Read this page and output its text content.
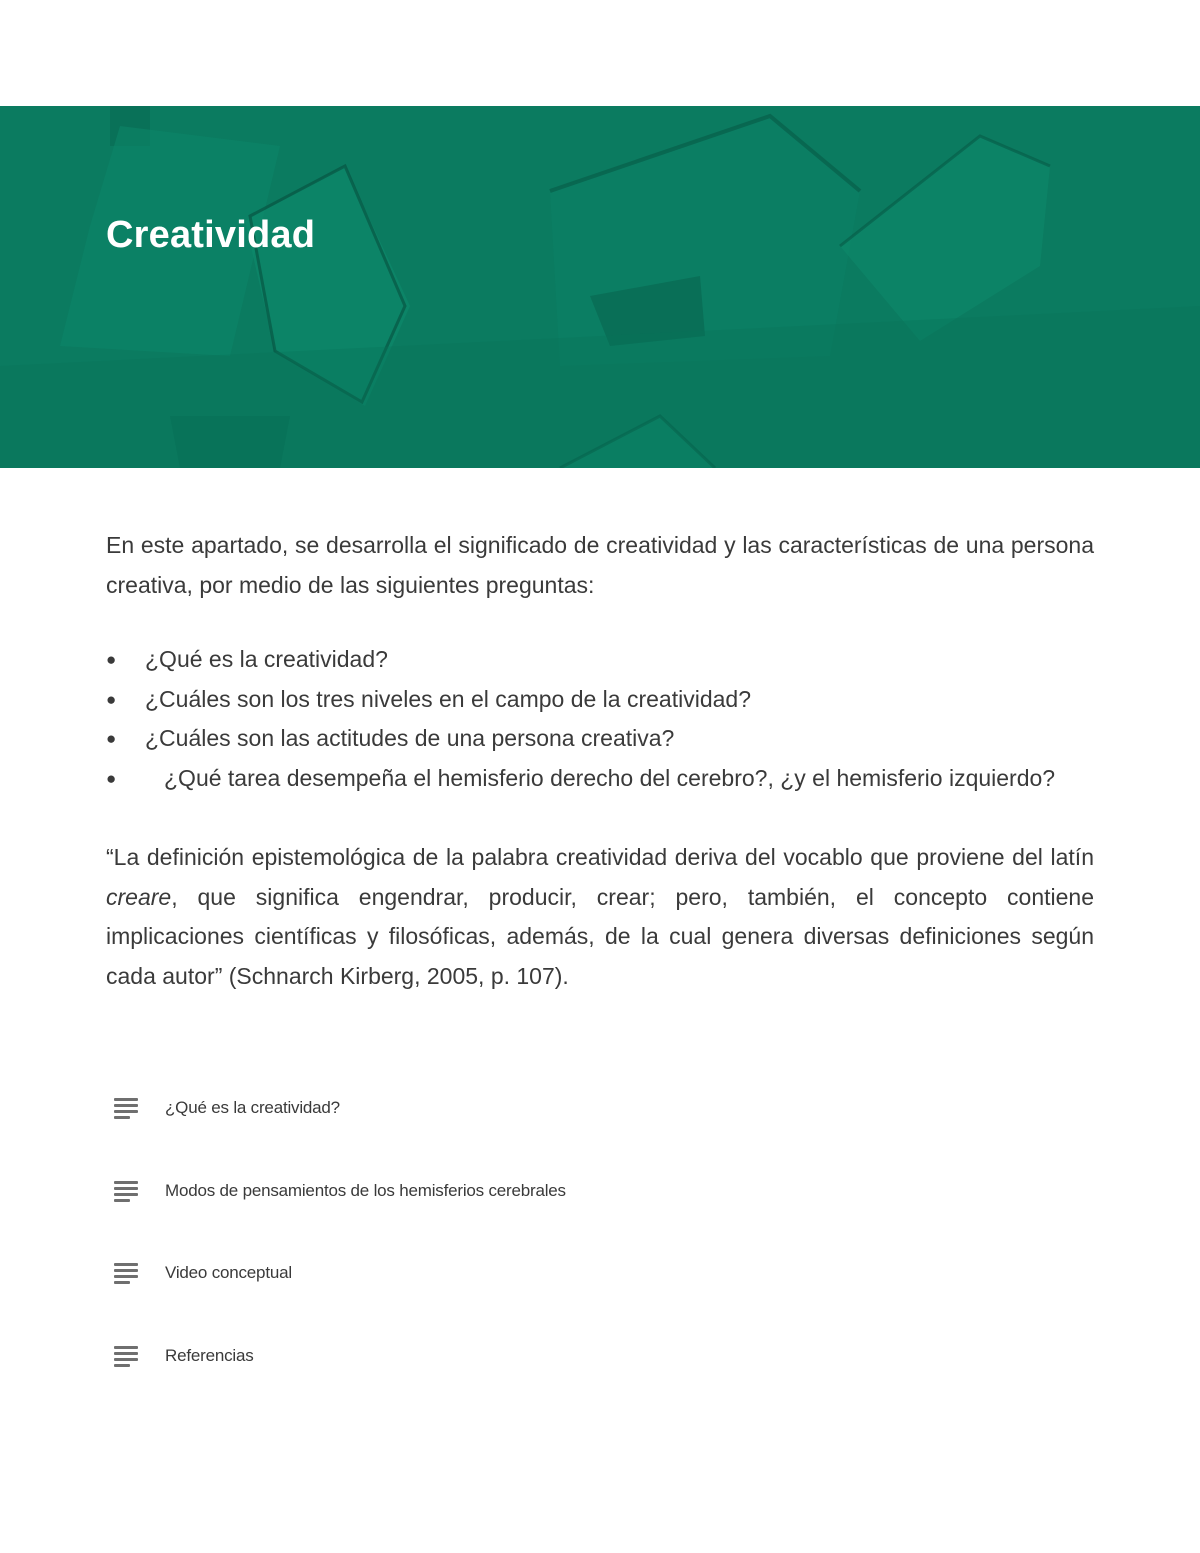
Creatividad

En este apartado, se desarrolla el significado de creatividad y las características de una persona creativa, por medio de las siguientes preguntas:

● ¿Qué es la creatividad?
● ¿Cuáles son los tres niveles en el campo de la creatividad?
● ¿Cuáles son las actitudes de una persona creativa?
● ¿Qué tarea desempeña el hemisferio derecho del cerebro?, ¿y el hemisferio izquierdo?

“La definición epistemológica de la palabra creatividad deriva del vocablo que proviene del latín creare, que significa engendrar, producir, crear; pero, también, el concepto contiene implicaciones científicas y filosóficas, además, de la cual genera diversas definiciones según cada autor” (Schnarch Kirberg, 2005, p. 107).

¿Qué es la creatividad?
Modos de pensamientos de los hemisferios cerebrales
Video conceptual
Referencias
